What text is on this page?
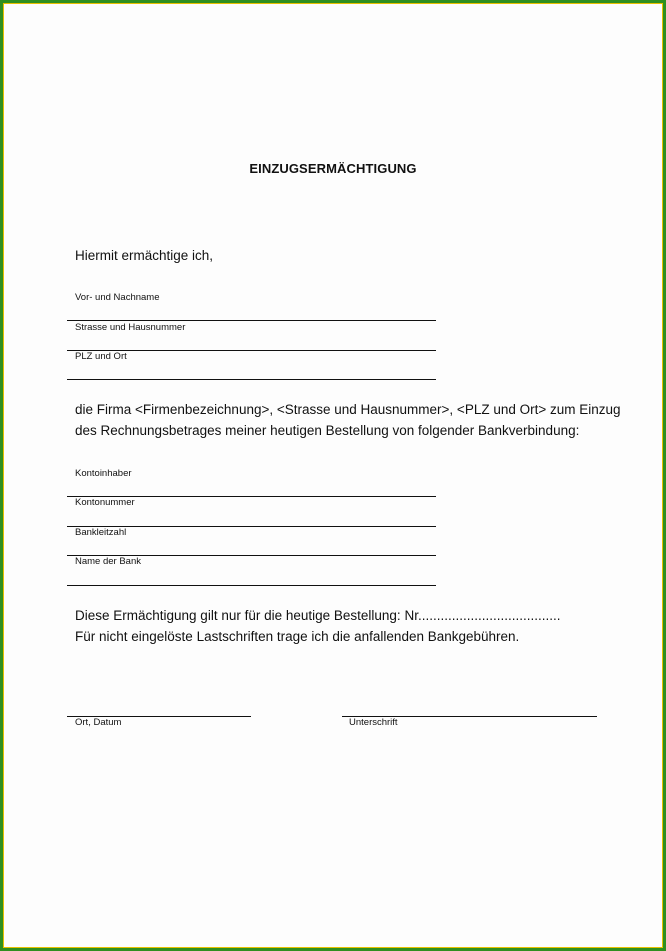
EINZUGSERMÄCHTIGUNG
Hiermit ermächtige ich,
Vor- und Nachname
Strasse und Hausnummer
PLZ und Ort
die Firma <Firmenbezeichnung>, <Strasse und Hausnummer>, <PLZ und Ort> zum Einzug
des Rechnungsbetrages meiner heutigen Bestellung von folgender Bankverbindung:
Kontoinhaber
Kontonummer
Bankleitzahl
Name der Bank
Diese Ermächtigung gilt nur für die heutige Bestellung: Nr......................................
Für nicht eingelöste Lastschriften trage ich die anfallenden Bankgebühren.
Ort, Datum	Unterschrift
